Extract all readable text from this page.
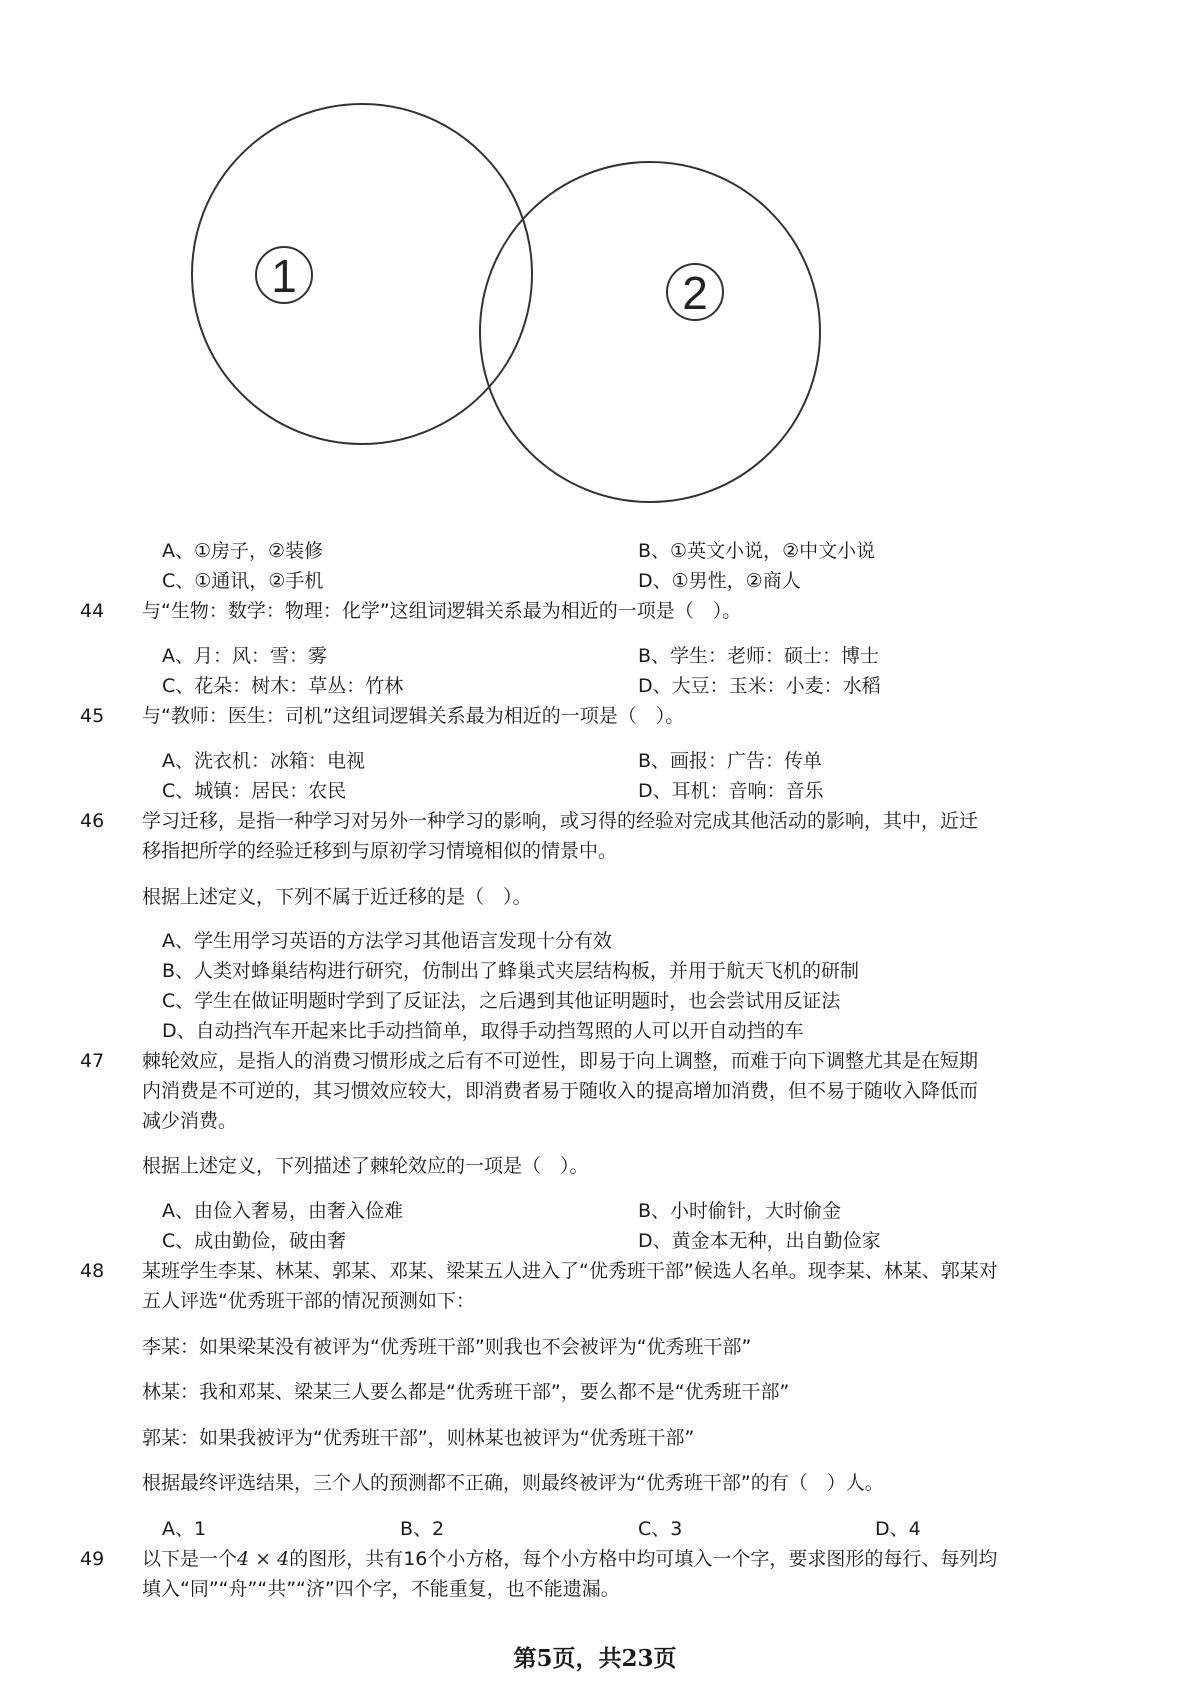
1	2
A、①房子，②装修	B、①英文小说，②中文小说
C、①通讯，②手机	D、①男性，②商人
44 与“生物：数学：物理：化学”这组词逻辑关系最为相近的一项是（　）。
A、月：风：雪：雾	B、学生：老师：硕士：博士
C、花朵：树木：草丛：竹林	D、大豆：玉米：小麦：水稻
45 与“教师：医生：司机”这组词逻辑关系最为相近的一项是（　）。
A、洗衣机：冰箱：电视	B、画报：广告：传单
C、城镇：居民：农民	D、耳机：音响：音乐
46 学习迁移，是指一种学习对另外一种学习的影响，或习得的经验对完成其他活动的影响，其中，近迁
移指把所学的经验迁移到与原初学习情境相似的情景中。
根据上述定义，下列不属于近迁移的是（　）。
A、学生用学习英语的方法学习其他语言发现十分有效
B、人类对蜂巢结构进行研究，仿制出了蜂巢式夹层结构板，并用于航天飞机的研制
C、学生在做证明题时学到了反证法，之后遇到其他证明题时，也会尝试用反证法
D、自动挡汽车开起来比手动挡简单，取得手动挡驾照的人可以开自动挡的车
47 棘轮效应，是指人的消费习惯形成之后有不可逆性，即易于向上调整，而难于向下调整尤其是在短期
内消费是不可逆的，其习惯效应较大，即消费者易于随收入的提高增加消费，但不易于随收入降低而
减少消费。
根据上述定义，下列描述了棘轮效应的一项是（　）。
A、由俭入奢易，由奢入俭难	B、小时偷针，大时偷金
C、成由勤俭，破由奢	D、黄金本无种，出自勤俭家
48 某班学生李某、林某、郭某、邓某、梁某五人进入了“优秀班干部”候选人名单。现李某、林某、郭某对
五人评选“优秀班干部的情况预测如下：
李某：如果梁某没有被评为“优秀班干部”则我也不会被评为“优秀班干部”
林某：我和邓某、梁某三人要么都是“优秀班干部”，要么都不是“优秀班干部”
郭某：如果我被评为“优秀班干部”，则林某也被评为“优秀班干部”
根据最终评选结果，三个人的预测都不正确，则最终被评为“优秀班干部”的有（　）人。
A、1	B、2	C、3	D、4
49 以下是一个4 × 4的图形，共有16个小方格，每个小方格中均可填入一个字，要求图形的每行、每列均
填入“同”“舟”“共”“济”四个字，不能重复，也不能遗漏。
第5页，共23页
